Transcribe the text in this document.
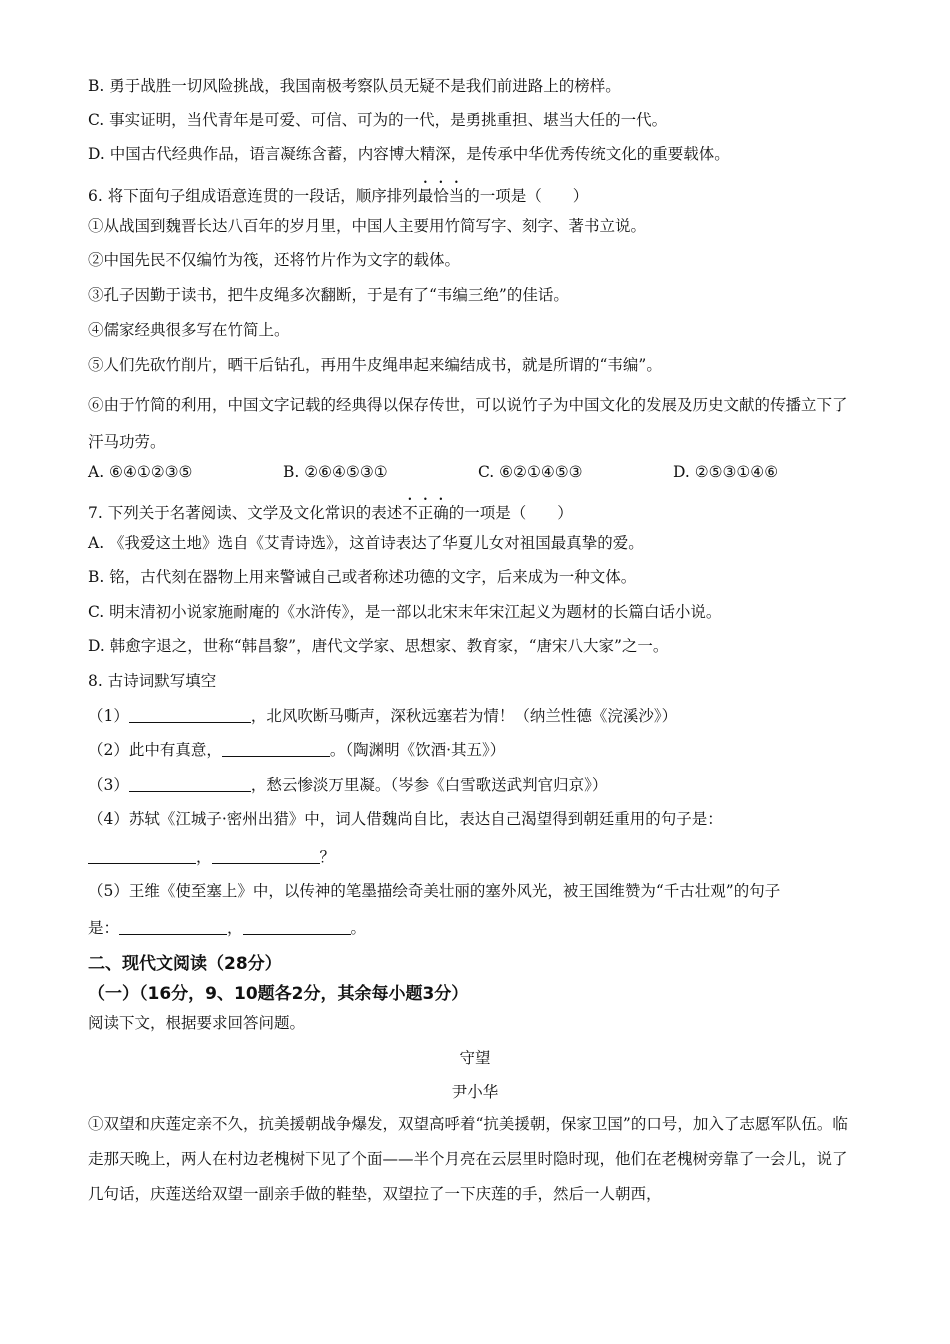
B. 勇于战胜一切风险挑战，我国南极考察队员无疑不是我们前进路上的榜样。
C. 事实证明，当代青年是可爱、可信、可为的一代，是勇挑重担、堪当大任的一代。
D. 中国古代经典作品，语言凝练含蓄，内容博大精深，是传承中华优秀传统文化的重要载体。
6. 将下面句子组成语意连贯的一段话，顺序排列最恰当的一项是（　　）
①从战国到魏晋长达八百年的岁月里，中国人主要用竹简写字、刻字、著书立说。
②中国先民不仅编竹为筏，还将竹片作为文字的载体。
③孔子因勤于读书，把牛皮绳多次翻断，于是有了“韦编三绝”的佳话。
④儒家经典很多写在竹简上。
⑤人们先砍竹削片，晒干后钻孔，再用牛皮绳串起来编结成书，就是所谓的“韦编”。
⑥由于竹简的利用，中国文字记载的经典得以保存传世，可以说竹子为中国文化的发展及历史文献的传播立下了汗马功劳。
A. ⑥④①②③⑤	B. ②⑥④⑤③①	C. ⑥②①④⑤③	D. ②⑤③①④⑥
7. 下列关于名著阅读、文学及文化常识的表述不正确的一项是（　　）
A. 《我爱这土地》选自《艾青诗选》，这首诗表达了华夏儿女对祖国最真挚的爱。
B. 铭，古代刻在器物上用来警诫自己或者称述功德的文字，后来成为一种文体。
C. 明末清初小说家施耐庵的《水浒传》，是一部以北宋末年宋江起义为题材的长篇白话小说。
D. 韩愈字退之，世称“韩昌黎”，唐代文学家、思想家、教育家，“唐宋八大家”之一。
8. 古诗词默写填空
（1）	，北风吹断马嘶声，深秋远塞若为情！（纳兰性德《浣溪沙》）
（2）此中有真意，	。（陶渊明《饮酒·其五》）
（3）	，愁云惨淡万里凝。（岑参《白雪歌送武判官归京》）
（4）苏轼《江城子·密州出猎》中，词人借魏尚自比，表达自己渴望得到朝廷重用的句子是：
，	？
（5）王维《使至塞上》中，以传神的笔墨描绘奇美壮丽的塞外风光，被王国维赞为“千古壮观”的句子
是：	，	。
二、现代文阅读（28分）
（一）（16分，9、10题各2分，其余每小题3分）
阅读下文，根据要求回答问题。
守望
尹小华
①双望和庆莲定亲不久，抗美援朝战争爆发，双望高呼着“抗美援朝，保家卫国”的口号，加入了志愿军队伍。临走那天晚上，两人在村边老槐树下见了个面——半个月亮在云层里时隐时现，他们在老槐树旁靠了一会儿，说了几句话，庆莲送给双望一副亲手做的鞋垫，双望拉了一下庆莲的手，然后一人朝西，
